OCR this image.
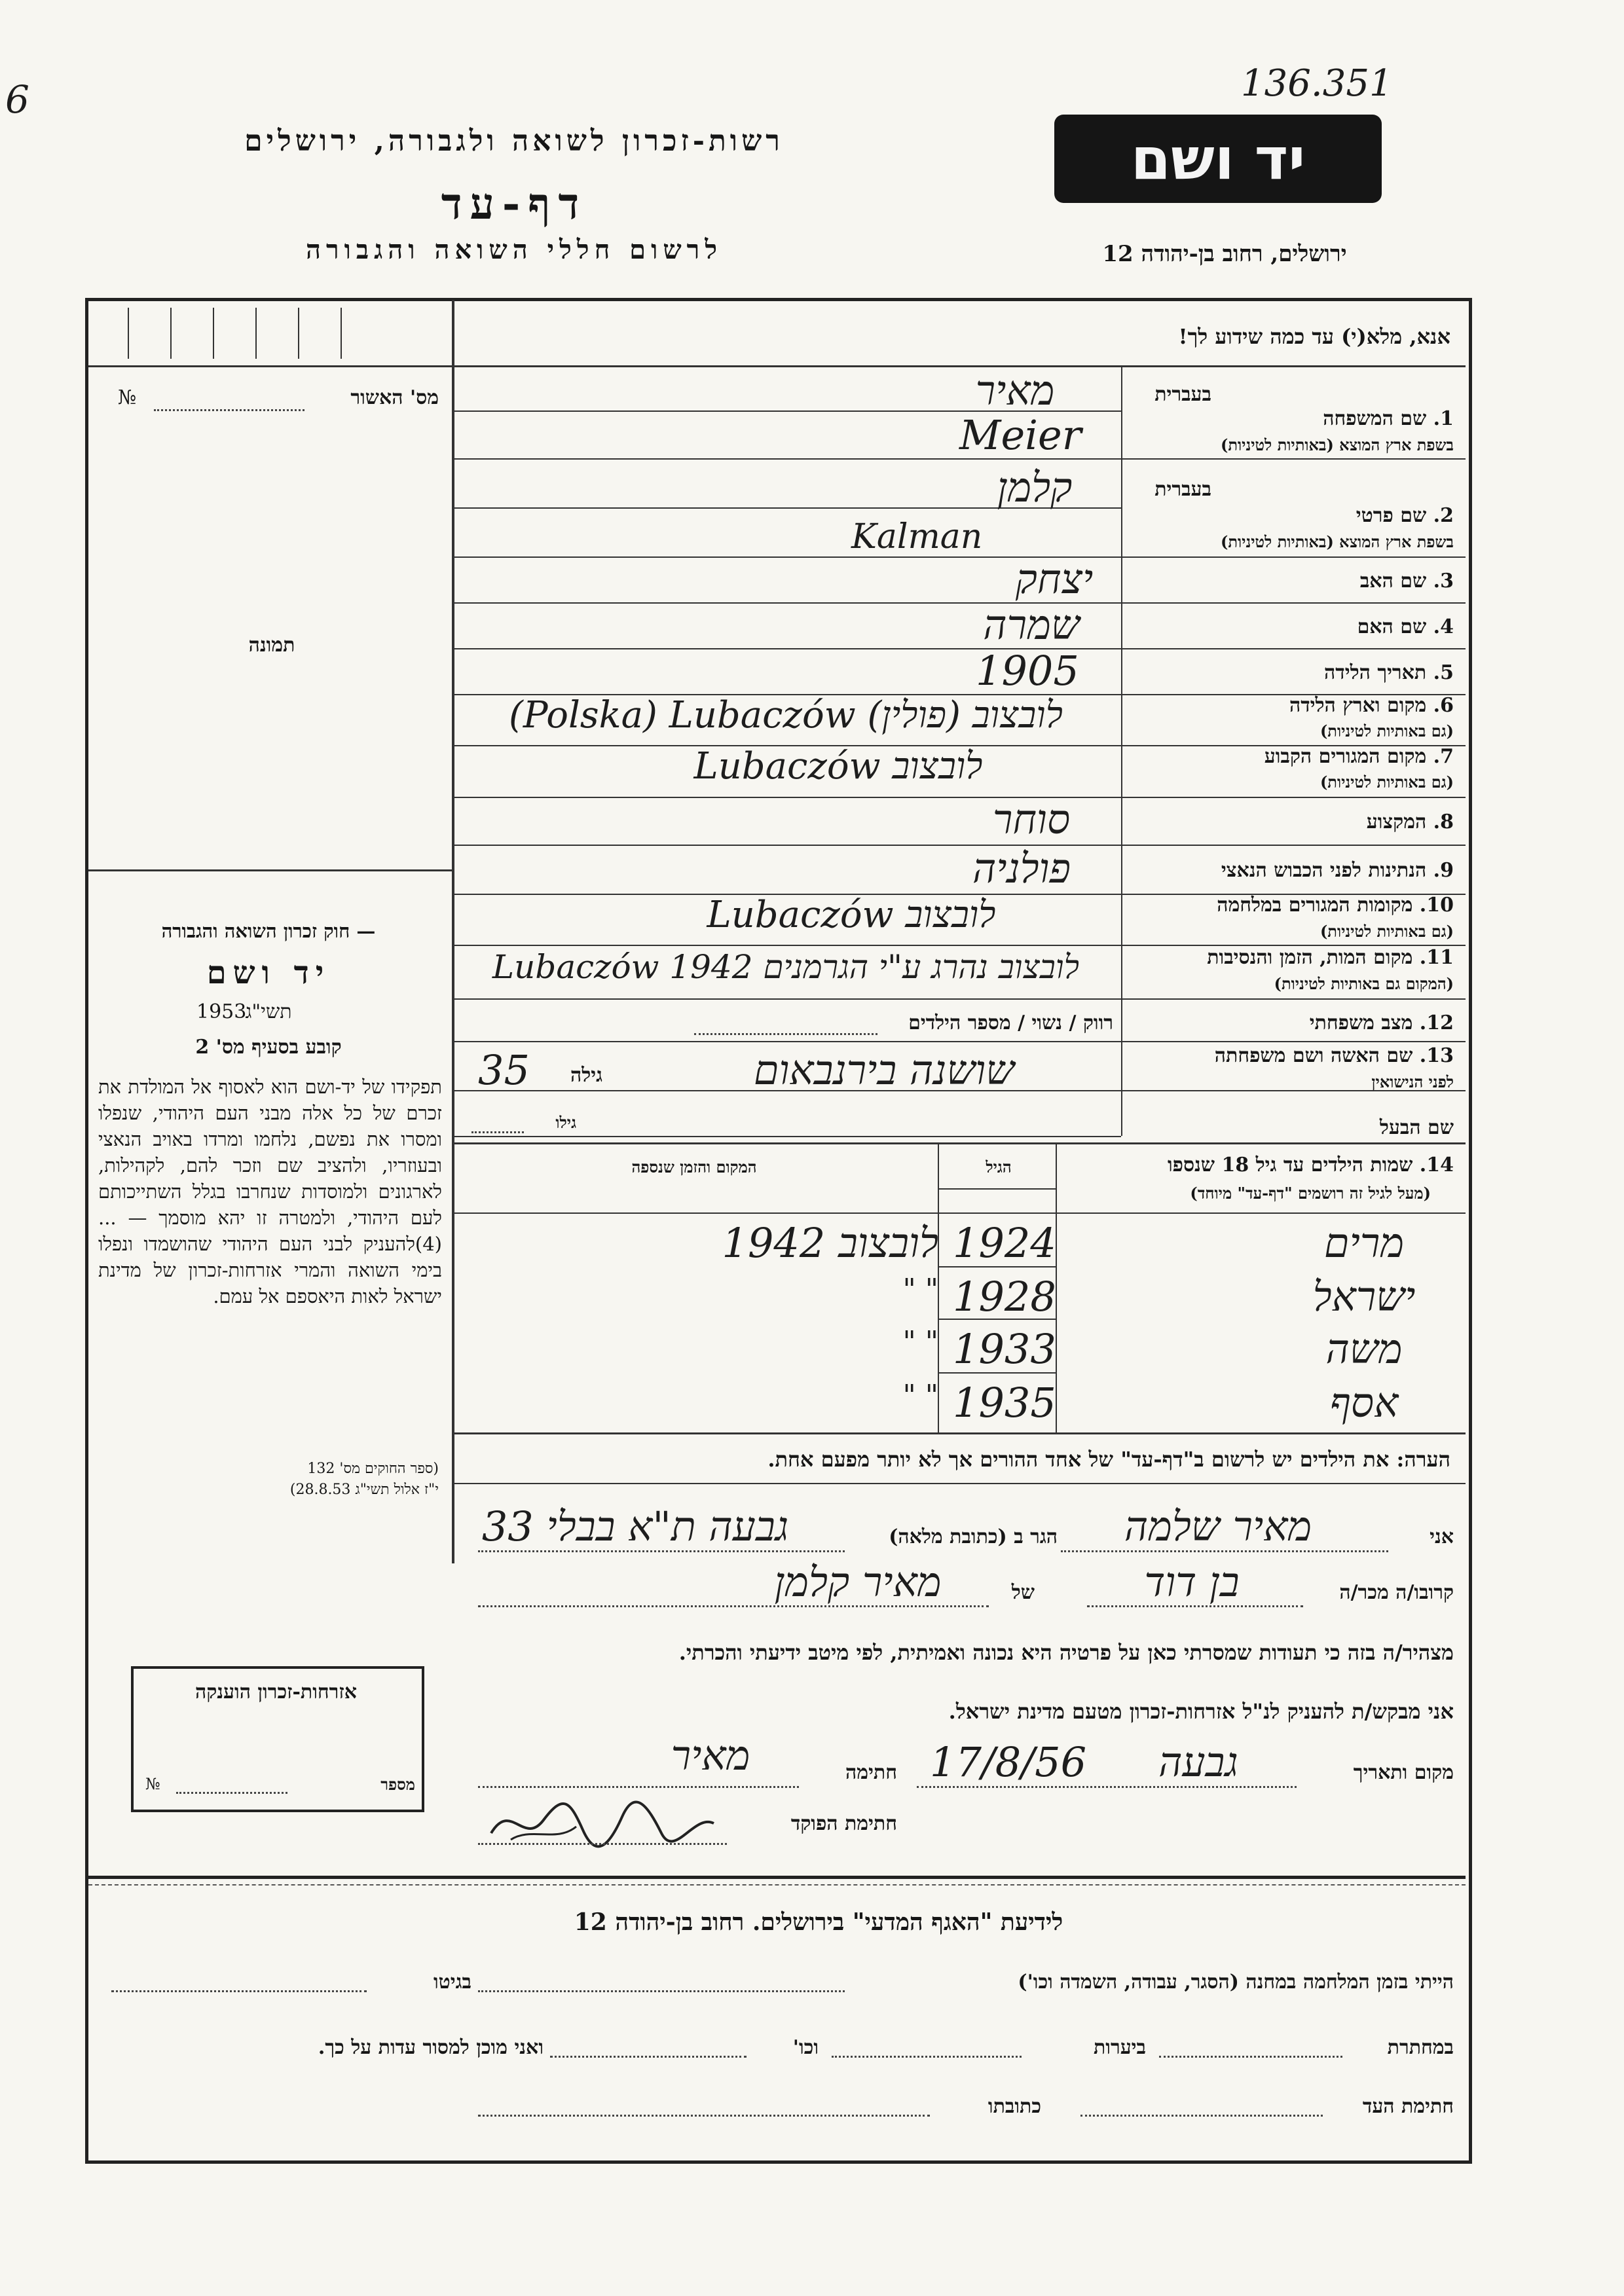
6	136.351
רשות-זכרון לשואה ולגבורה, ירושלים
דף-עד
לרשום חללי השואה והגבורה
יד ושם
ירושלים, רחוב בן-יהודה 12
מס' האשור
№
תמונה
— חוק זכרון השואה והגבורה
יד ושם
תשי"ג
1953
קובע בסעיף מס' 2
תפקידו של יד-ושם הוא לאסוף אל המולדת את זכרם של כל אלה מבני העם היהודי, שנפלו ומסרו את נפשם, נלחמו ומרדו באויב הנאצי ובעוזריו, ולהציב שם וזכר להם, לקהילות, לארגונים ולמוסדות שנחרבו בגלל השתייכותם לעם היהודי, ולמטרה זו יהא מוסמך — ...(4)להעניק לבני העם היהודי שהושמדו ונפלו בימי השואה והמרי אזרחות-זכרון של מדינת ישראל לאות היאספם אל עמם.
(ספר החוקים מס' 132
י"ז אלול תשי"ג 28.8.53)
אנא, מלא(י) עד כמה שידוע לך!
בעברית
1. שם המשפחה
בשפת ארץ המוצא (באותיות לטיניות)
מאיר
Meier
בעברית
2. שם פרטי
בשפת ארץ המוצא (באותיות לטיניות)
קלמן
Kalman
3. שם האב
יצחק
4. שם האם
שמרה
5. תאריך הלידה
1905
6. מקום וארץ הלידה
(גם באותיות לטיניות)
(Polska) Lubaczów (לובצוב (פולין
7. מקום המגורים הקבוע
(גם באותיות לטיניות)
Lubaczów לובצוב
8. המקצוע
סוחר
9. הנתינות לפני הכבוש הנאצי
פולניה
10. מקומות המגורים במלחמה
(גם באותיות לטיניות)
Lubaczów לובצוב
11. מקום המות, הזמן והנסיבות
(המקום גם באותיות לטיניות)
Lubaczów 1942 לובצוב נהרג ע"י הגרמנים
12. מצב משפחתי
רווק / נשוי / מספר הילדים
13. שם האשה ושם משפחתה
לפני הנישואין
שושנה בירנבאום
גילה
35
שם הבעל
גילו
14. שמות הילדים עד גיל 18 שנספו
(מעל לגיל זה רושמים "דף-עד" מיוחד)
הגיל
המקום והזמן שנספה
מרים
1924
לובצוב 1942
ישראל
1928
" "
משה
1933
" "
אסף
1935
" "
הערה: את הילדים יש לרשום ב"דף-עד" של אחד ההורים אך לא יותר מפעם אחת.
אני
מאיר שלמה
הגר ב (כתובת מלאה)
גבעה ת"א בבלי 33
קרובו/ה מכר/ה
בן דוד
של
מאיר קלמן
מצהיר/ה בזה כי תעודות שמסרתי כאן על פרטיה היא נכונה ואמיתית, לפי מיטב ידיעתי והכרתי.
אני מבקש/ת להעניק לנ"ל אזרחות-זכרון מטעם מדינת ישראל.
מקום ותאריך
גבעה
17/8/56
חתימה
מאיר
חתימת הפוקד
אזרחות-זכרון הוענקה
מספר
№
לידיעת "האגף המדעי" בירושלים. רחוב בן-יהודה 12
הייתי בזמן המלחמה במחנה (הסגר, עבודה, השמדה וכו')
בגיטו
במחתרת
ביערות
וכו'
ואני מוכן למסור עדות על כך.
חתימת העד
כתובתו
